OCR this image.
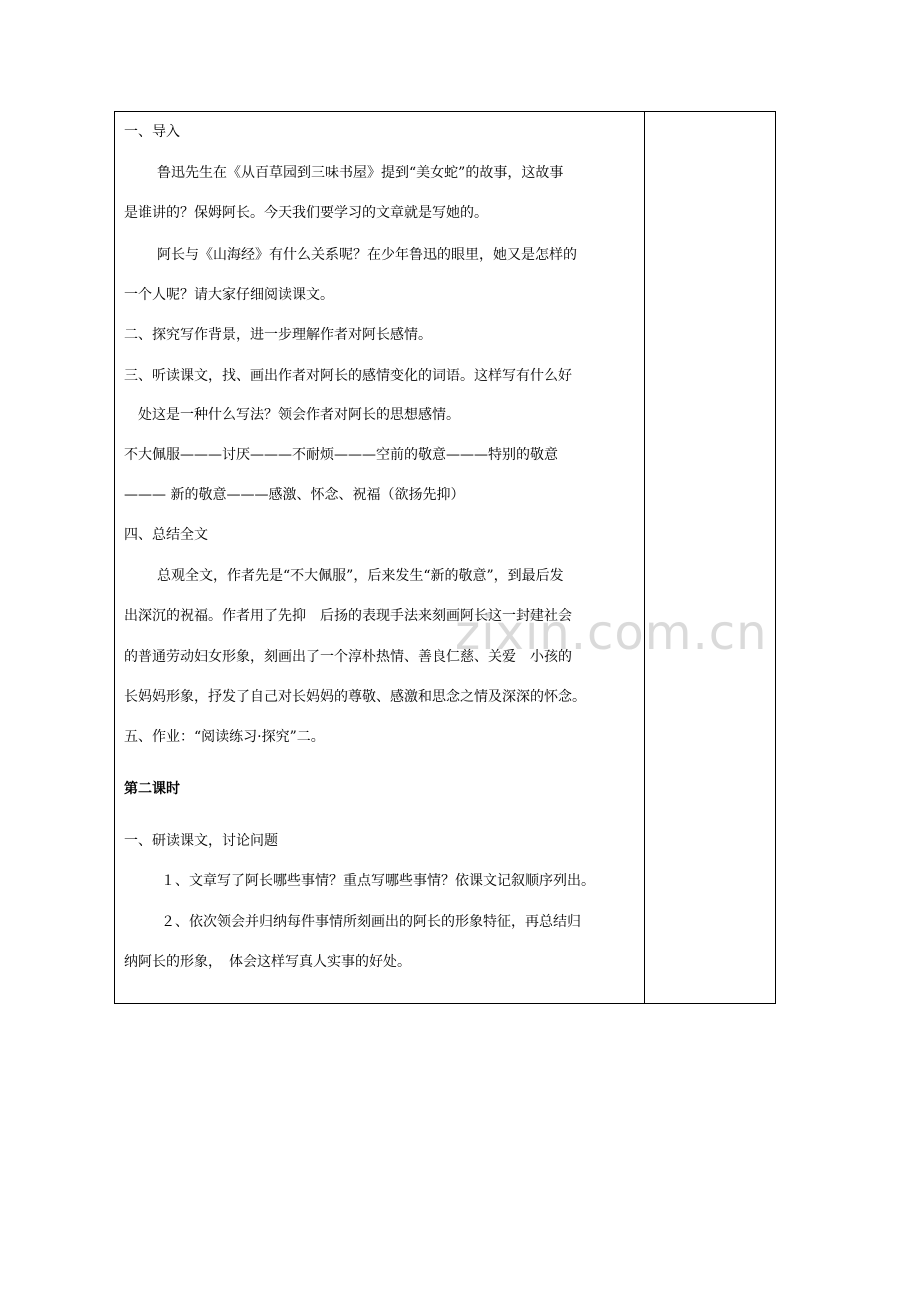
一、导入
鲁迅先生在《从百草园到三味书屋》提到“美女蛇”的故事，这故事
是谁讲的？保姆阿长。今天我们要学习的文章就是写她的。
阿长与《山海经》有什么关系呢？在少年鲁迅的眼里，她又是怎样的
一个人呢？请大家仔细阅读课文。
二、探究写作背景，进一步理解作者对阿长感情。
三、听读课文，找、画出作者对阿长的感情变化的词语。这样写有什么好
处这是一种什么写法？领会作者对阿长的思想感情。
不大佩服———讨厌———不耐烦———空前的敬意———特别的敬意
——— 新的敬意———感激、怀念、祝福（欲扬先抑）
四、总结全文
总观全文，作者先是“不大佩服”，后来发生“新的敬意”，到最后发
出深沉的祝福。作者用了先抑　后扬的表现手法来刻画阿长这一封建社会
的普通劳动妇女形象，刻画出了一个淳朴热情、善良仁慈、关爱　小孩的
长妈妈形象，抒发了自己对长妈妈的尊敬、感激和思念之情及深深的怀念。
五、作业：“阅读练习·探究”二。
第二课时
一、研读课文，讨论问题
１、文章写了阿长哪些事情？重点写哪些事情？依课文记叙顺序列出。
２、依次领会并归纳每件事情所刻画出的阿长的形象特征，再总结归
纳阿长的形象，　体会这样写真人实事的好处。
zixin.com.cn
